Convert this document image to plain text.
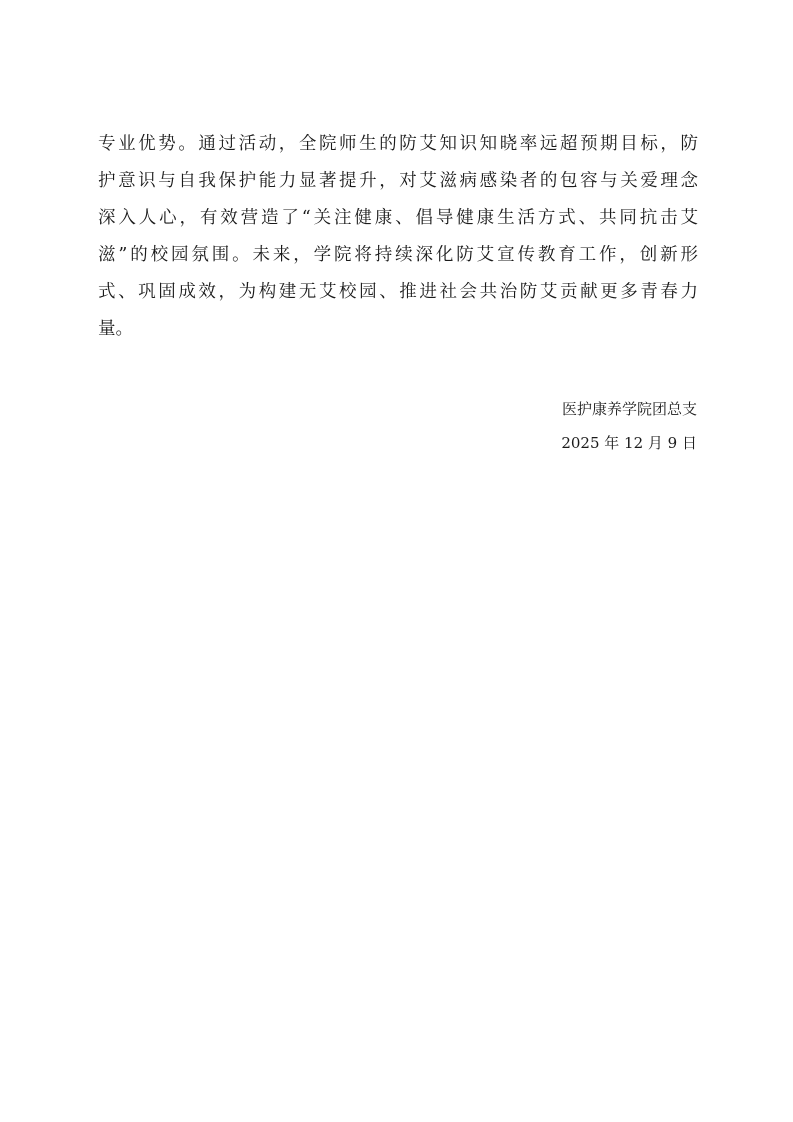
专业优势。通过活动，全院师生的防艾知识知晓率远超预期目标，防
护意识与自我保护能力显著提升，对艾滋病感染者的包容与关爱理念
深入人心，有效营造了“关注健康、倡导健康生活方式、共同抗击艾
滋”的校园氛围。未来，学院将持续深化防艾宣传教育工作，创新形
式、巩固成效，为构建无艾校园、推进社会共治防艾贡献更多青春力
量。
医护康养学院团总支
2025 年 12 月 9 日
